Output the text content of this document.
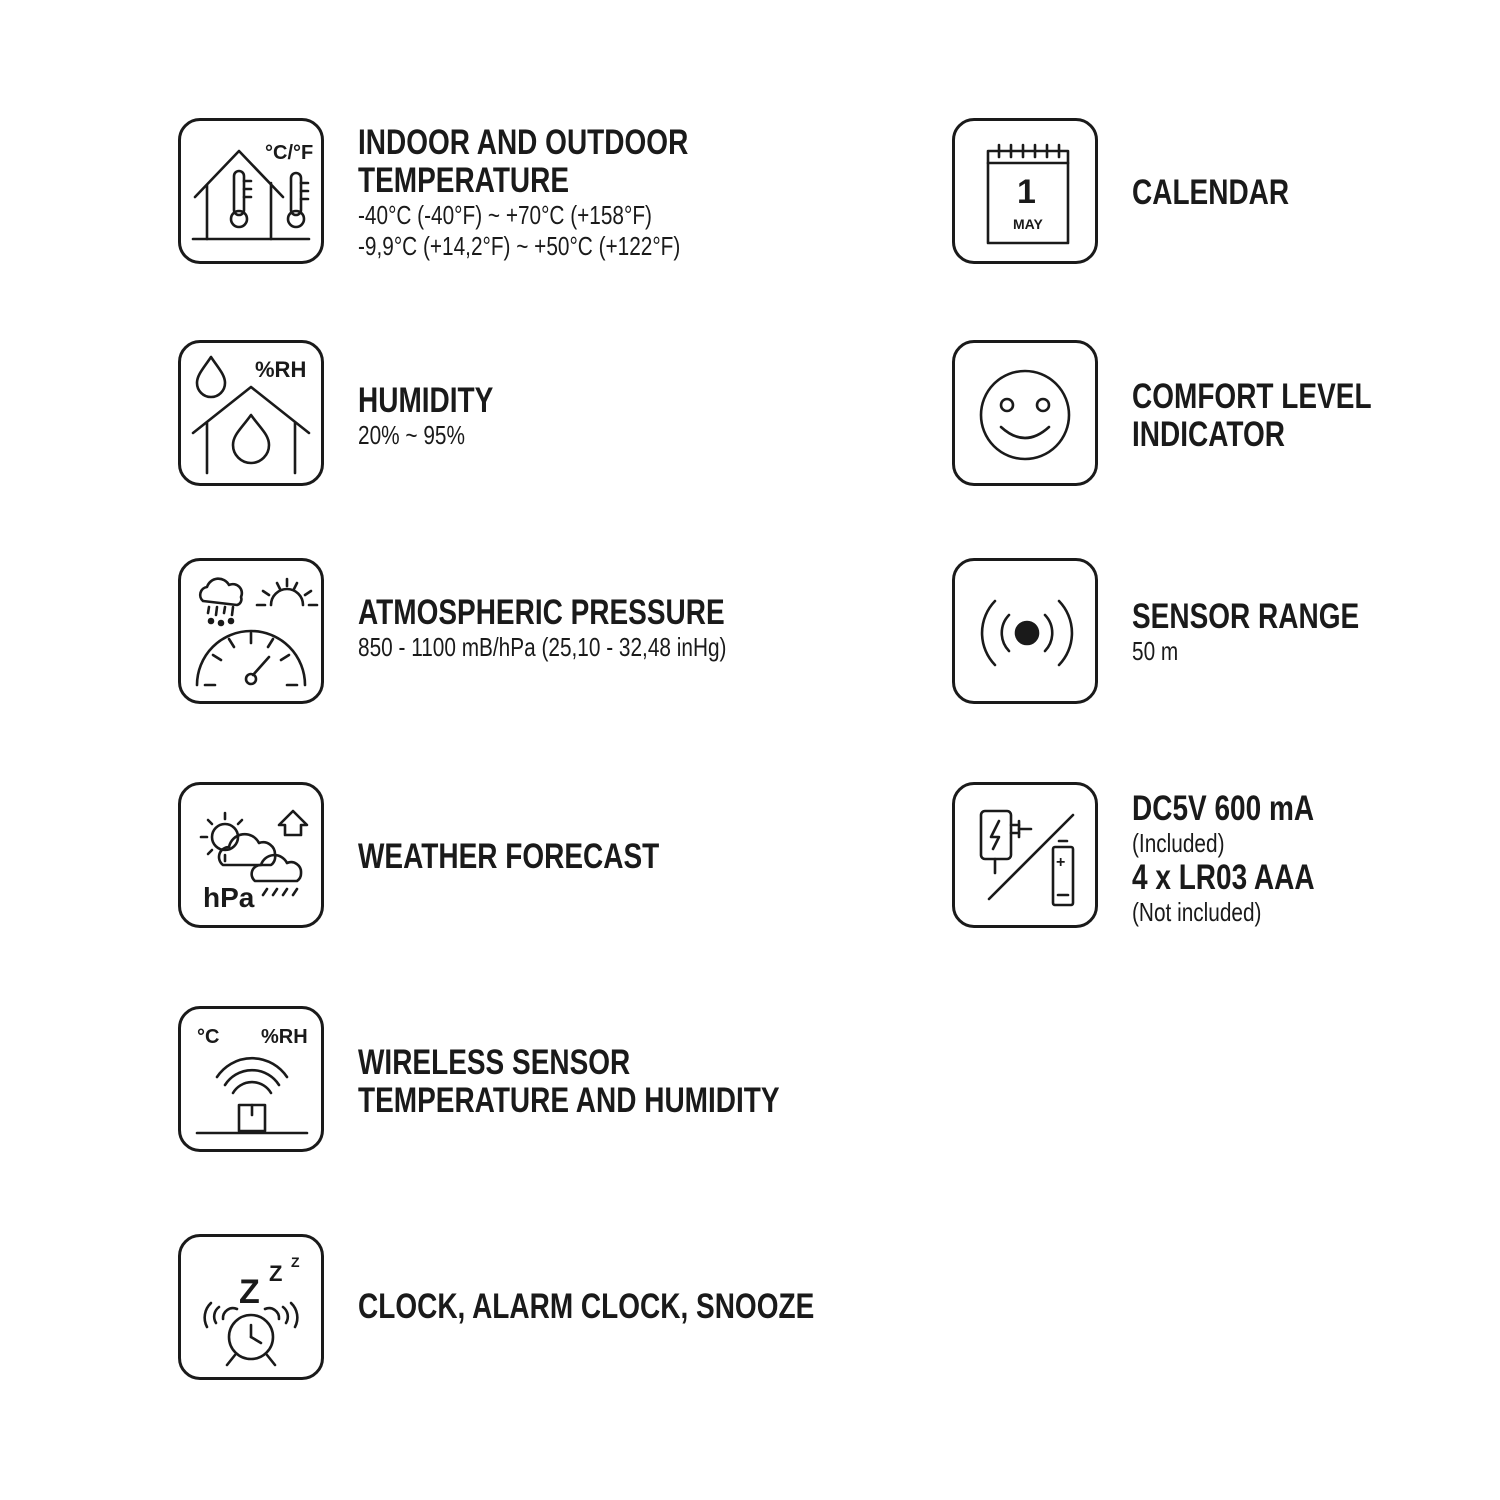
°C/°F INDOOR AND OUTDOOR
TEMPERATURE
-40°C (-40°F) ~ +70°C (+158°F)
-9,9°C (+14,2°F) ~ +50°C (+122°F)
%RH
HUMIDITY
20% ~ 95%
ATMOSPHERIC PRESSURE
850 - 1100 mB/hPa (25,10 - 32,48 inHg)
hPa
WEATHER FORECAST
°C %RH
WIRELESS SENSOR
TEMPERATURE AND HUMIDITY
Z Z Z
CLOCK, ALARM CLOCK, SNOOZE
1
MAY
CALENDAR
COMFORT LEVEL
INDICATOR
SENSOR RANGE
50 m
+
DC5V 600 mA
(Included)
4 x LR03 AAA
(Not included)
